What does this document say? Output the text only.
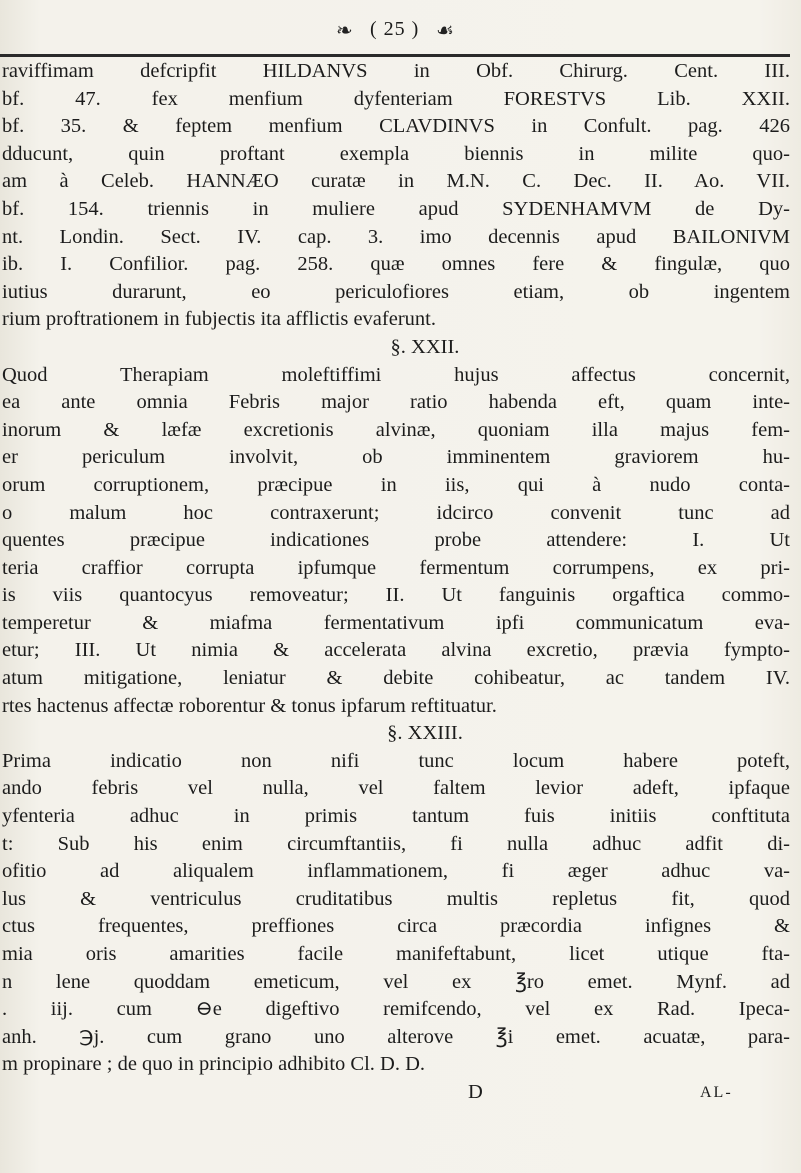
❧ ( 25 ) ☙
raviffimam defcripfit HILDANVS in Obf. Chirurg. Cent. III.
bf. 47. fex menfium dyfenteriam FORESTVS Lib. XXII.
bf. 35. & feptem menfium CLAVDINVS in Confult. pag. 426
dducunt, quin proftant exempla biennis in milite quo-
am à Celeb. HANNÆO curatæ in M.N. C. Dec. II. Ao. VII.
bf. 154. triennis in muliere apud SYDENHAMVM de Dy-
nt. Londin. Sect. IV. cap. 3. imo decennis apud BAILONIVM
ib. I. Confilior. pag. 258. quæ omnes fere & fingulæ, quo
iutius durarunt, eo periculofiores etiam, ob ingentem
rium proftrationem in fubjectis ita afflictis evaferunt.
§. XXII.
Quod Therapiam moleftiffimi hujus affectus concernit,
ea ante omnia Febris major ratio habenda eft, quam inte-
inorum & læfæ excretionis alvinæ, quoniam illa majus fem-
er periculum involvit, ob imminentem graviorem hu-
orum corruptionem, præcipue in iis, qui à nudo conta-
o malum hoc contraxerunt; idcirco convenit tunc ad
quentes præcipue indicationes probe attendere: I. Ut
teria craffior corrupta ipfumque fermentum corrumpens, ex pri-
is viis quantocyus removeatur; II. Ut fanguinis orgaftica commo-
temperetur & miafma fermentativum ipfi communicatum eva-
etur; III. Ut nimia & accelerata alvina excretio, prævia fympto-
atum mitigatione, leniatur & debite cohibeatur, ac tandem IV.
rtes hactenus affectæ roborentur & tonus ipfarum reftituatur.
§. XXIII.
Prima indicatio non nifi tunc locum habere poteft,
ando febris vel nulla, vel faltem levior adeft, ipfaque
yfenteria adhuc in primis tantum fuis initiis conftituta
t: Sub his enim circumftantiis, fi nulla adhuc adfit di-
ofitio ad aliqualem inflammationem, fi æger adhuc va-
lus & ventriculus cruditatibus multis repletus fit, quod
ctus frequentes, preffiones circa præcordia infignes &
mia oris amarities facile manifeftabunt, licet utique fta-
n lene quoddam emeticum, vel ex ℥ro emet. Mynf. ad
. iij. cum ⊖e digeftivo remifcendo, vel ex Rad. Ipeca-
anh. ℈j. cum grano uno alterove ℥i emet. acuatæ, para-
m propinare ; de quo in principio adhibito Cl. D. D.
D	AL-
